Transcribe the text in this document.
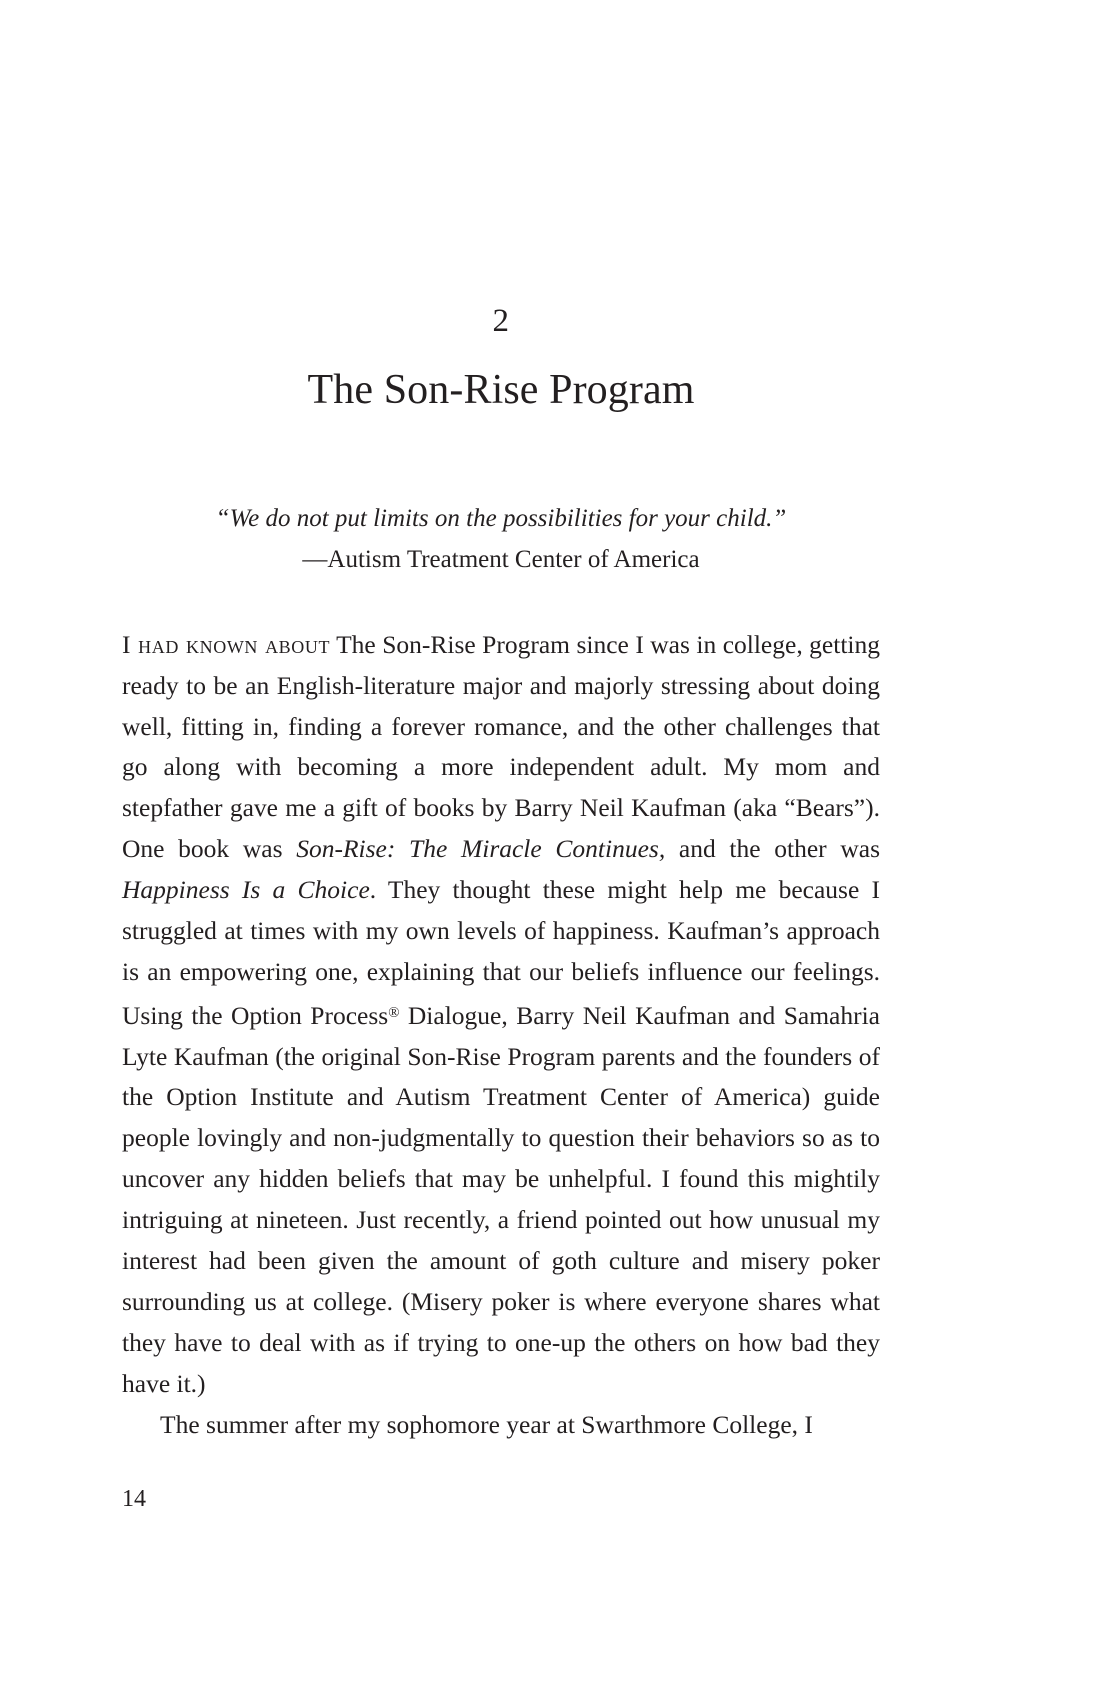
2
The Son-Rise Program
“We do not put limits on the possibilities for your child.”
—Autism Treatment Center of America

I had known about The Son-Rise Program since I was in college, getting ready to be an English-literature major and majorly stressing about doing well, fitting in, finding a forever romance, and the other challenges that go along with becoming a more independent adult. My mom and stepfather gave me a gift of books by Barry Neil Kaufman (aka “Bears”). One book was Son-Rise: The Miracle Continues, and the other was Happiness Is a Choice. They thought these might help me because I struggled at times with my own levels of happiness. Kaufman’s approach is an empowering one, explaining that our beliefs influence our feelings. Using the Option Process® Dialogue, Barry Neil Kaufman and Samahria Lyte Kaufman (the original Son-Rise Program parents and the founders of the Option Institute and Autism Treatment Center of America) guide people lovingly and non-judgmentally to question their behaviors so as to uncover any hidden beliefs that may be unhelpful. I found this mightily intriguing at nineteen. Just recently, a friend pointed out how unusual my interest had been given the amount of goth culture and misery poker surrounding us at college. (Misery poker is where everyone shares what they have to deal with as if trying to one-up the others on how bad they have it.)

The summer after my sophomore year at Swarthmore College, I

14
